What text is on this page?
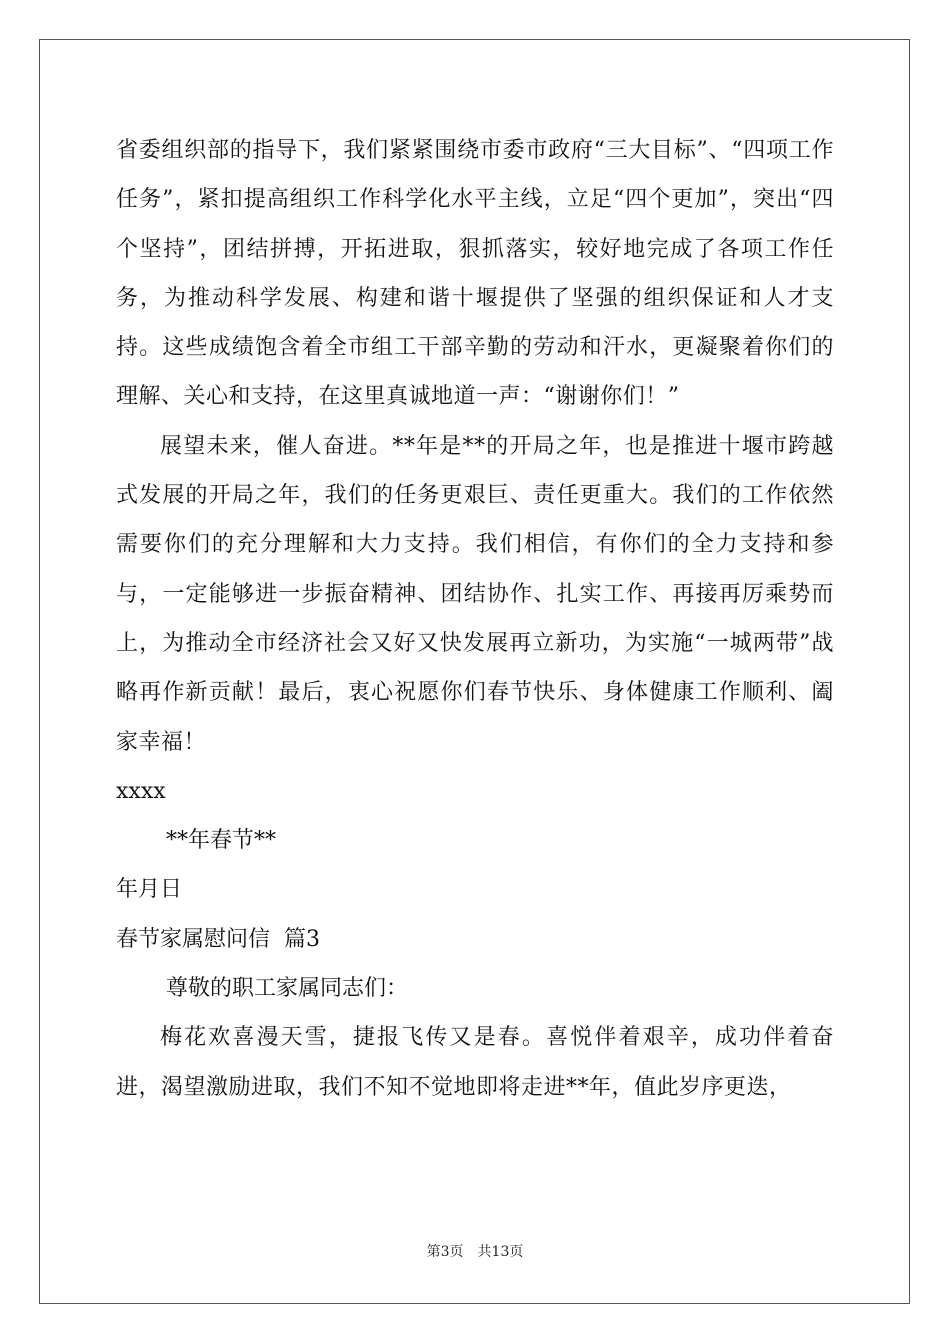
省委组织部的指导下，我们紧紧围绕市委市政府“三大目标”、“四项工作任务”，紧扣提高组织工作科学化水平主线，立足“四个更加”，突出“四个坚持”，团结拼搏，开拓进取，狠抓落实，较好地完成了各项工作任务，为推动科学发展、构建和谐十堰提供了坚强的组织保证和人才支持。这些成绩饱含着全市组工干部辛勤的劳动和汗水，更凝聚着你们的理解、关心和支持，在这里真诚地道一声：“谢谢你们！”

展望未来，催人奋进。**年是**的开局之年，也是推进十堰市跨越式发展的开局之年，我们的任务更艰巨、责任更重大。我们的工作依然需要你们的充分理解和大力支持。我们相信，有你们的全力支持和参与，一定能够进一步振奋精神、团结协作、扎实工作、再接再厉乘势而上，为推动全市经济社会又好又快发展再立新功，为实施“一城两带”战略再作新贡献！最后，衷心祝愿你们春节快乐、身体健康工作顺利、阖家幸福！

xxxx

**年春节**

年月日

春节家属慰问信  篇3

尊敬的职工家属同志们：

梅花欢喜漫天雪，捷报飞传又是春。喜悦伴着艰辛，成功伴着奋进，渴望激励进取，我们不知不觉地即将走进**年，值此岁序更迭，

第3页 共13页
